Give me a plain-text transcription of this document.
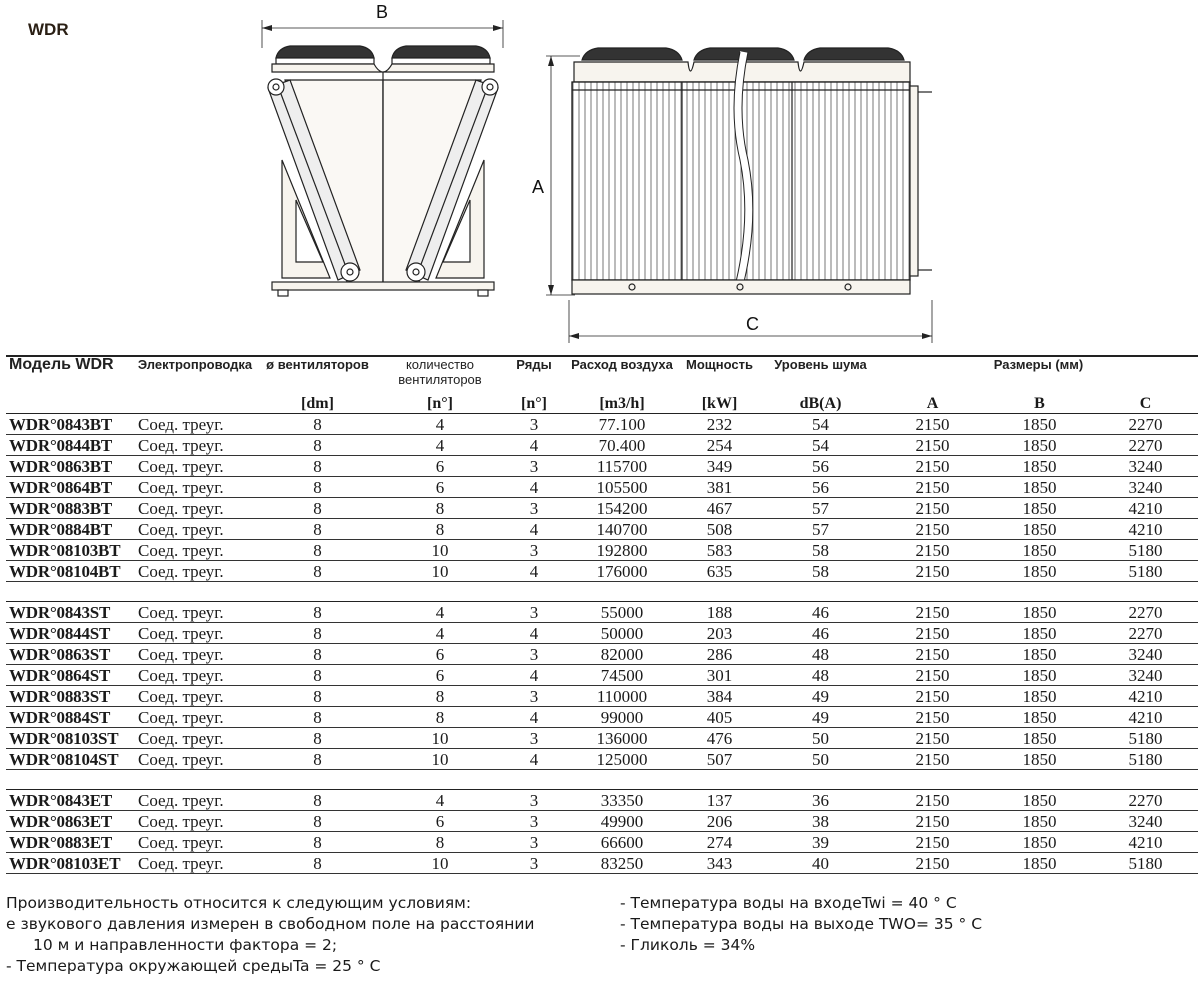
WDR
B
A
C
Модель WDR	Электропроводка	ø вентиляторов	количество вентиляторов	Ряды	Расход воздуха	Мощность	Уровень шума	Размеры (мм)		
		[dm]	[n°]	[n°]	[m3/h]	[kW]	dB(A)	A	B	C
WDR°0843BT	Соед. треуг.	8	4	3	77.100	232	54	2150	1850	2270
WDR°0844BT	Соед. треуг.	8	4	4	70.400	254	54	2150	1850	2270
WDR°0863BT	Соед. треуг.	8	6	3	115700	349	56	2150	1850	3240
WDR°0864BT	Соед. треуг.	8	6	4	105500	381	56	2150	1850	3240
WDR°0883BT	Соед. треуг.	8	8	3	154200	467	57	2150	1850	4210
WDR°0884BT	Соед. треуг.	8	8	4	140700	508	57	2150	1850	4210
WDR°08103BT	Соед. треуг.	8	10	3	192800	583	58	2150	1850	5180
WDR°08104BT	Соед. треуг.	8	10	4	176000	635	58	2150	1850	5180

WDR°0843ST	Соед. треуг.	8	4	3	55000	188	46	2150	1850	2270
WDR°0844ST	Соед. треуг.	8	4	4	50000	203	46	2150	1850	2270
WDR°0863ST	Соед. треуг.	8	6	3	82000	286	48	2150	1850	3240
WDR°0864ST	Соед. треуг.	8	6	4	74500	301	48	2150	1850	3240
WDR°0883ST	Соед. треуг.	8	8	3	110000	384	49	2150	1850	4210
WDR°0884ST	Соед. треуг.	8	8	4	99000	405	49	2150	1850	4210
WDR°08103ST	Соед. треуг.	8	10	3	136000	476	50	2150	1850	5180
WDR°08104ST	Соед. треуг.	8	10	4	125000	507	50	2150	1850	5180

WDR°0843ET	Соед. треуг.	8	4	3	33350	137	36	2150	1850	2270
WDR°0863ET	Соед. треуг.	8	6	3	49900	206	38	2150	1850	3240
WDR°0883ET	Соед. треуг.	8	8	3	66600	274	39	2150	1850	4210
WDR°08103ET	Соед. треуг.	8	10	3	83250	343	40	2150	1850	5180
Производительность относится к следующим условиям:
е звукового давления измерен в свободном поле на расстоянии
10 м и направленности фактора = 2;
- Температура окружающей средыTa = 25 ° C
- Температура воды на входеTwi = 40 ° C
- Температура воды на выходе TWO= 35 ° C
- Гликоль = 34%
